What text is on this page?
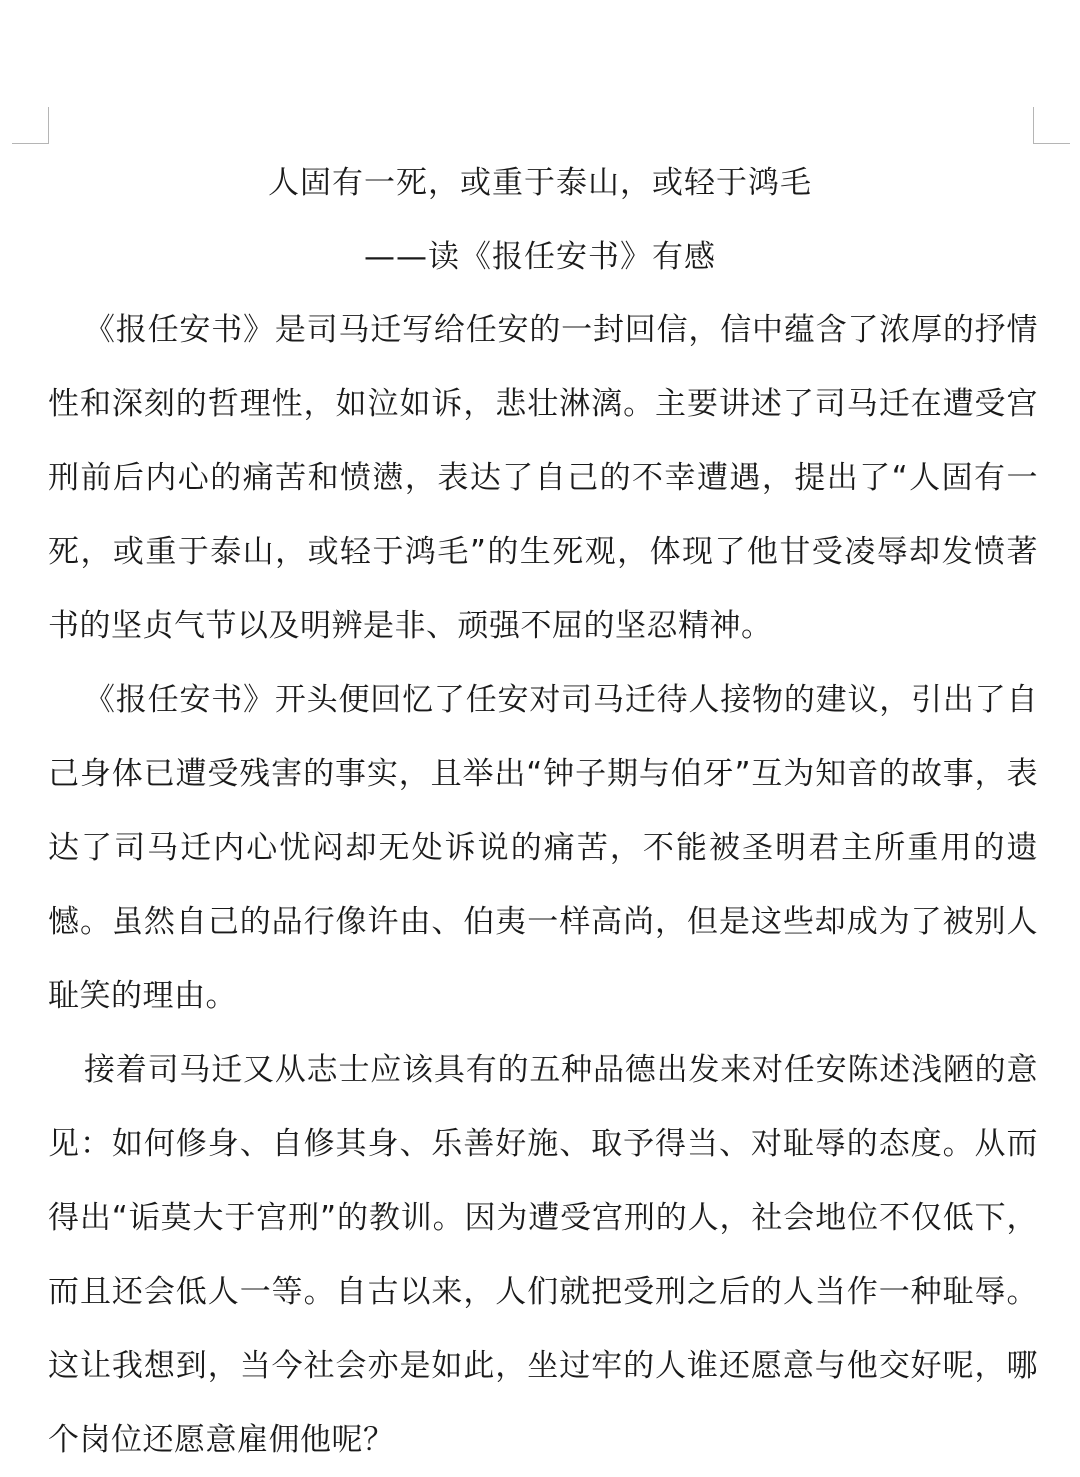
人固有一死，或重于泰山，或轻于鸿毛
——读《报任安书》有感

《报任安书》是司马迁写给任安的一封回信，信中蕴含了浓厚的抒情性和深刻的哲理性，如泣如诉，悲壮淋漓。主要讲述了司马迁在遭受宫刑前后内心的痛苦和愤懑，表达了自己的不幸遭遇，提出了“人固有一死，或重于泰山，或轻于鸿毛”的生死观，体现了他甘受凌辱却发愤著书的坚贞气节以及明辨是非、顽强不屈的坚忍精神。

《报任安书》开头便回忆了任安对司马迁待人接物的建议，引出了自己身体已遭受残害的事实，且举出“钟子期与伯牙”互为知音的故事，表达了司马迁内心忧闷却无处诉说的痛苦，不能被圣明君主所重用的遗憾。虽然自己的品行像许由、伯夷一样高尚，但是这些却成为了被别人耻笑的理由。

接着司马迁又从志士应该具有的五种品德出发来对任安陈述浅陋的意见：如何修身、自修其身、乐善好施、取予得当、对耻辱的态度。从而得出“诟莫大于宫刑”的教训。因为遭受宫刑的人，社会地位不仅低下，而且还会低人一等。自古以来，人们就把受刑之后的人当作一种耻辱。这让我想到，当今社会亦是如此，坐过牢的人谁还愿意与他交好呢，哪个岗位还愿意雇佣他呢？
